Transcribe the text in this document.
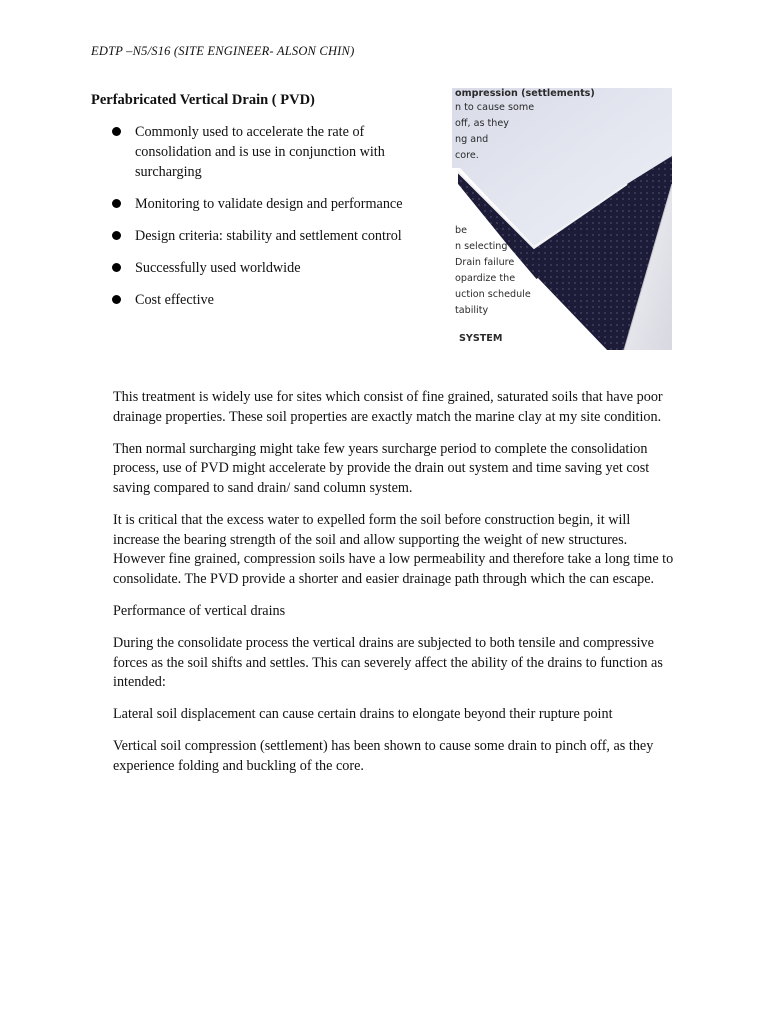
EDTP –N5/S16 (SITE ENGINEER- ALSON CHIN)
Perfabricated Vertical Drain ( PVD)
Commonly used to accelerate the rate of consolidation and is use in conjunction with surcharging
Monitoring to validate design and performance
Design criteria: stability and settlement control
Successfully used worldwide
Cost effective
ompression (settlements)
n to cause some
off, as they
ng and
core.
be
n selecting
Drain failure
opardize the
uction schedule
tability
SYSTEM

This treatment is widely use for sites which consist of fine grained, saturated soils that have poor drainage properties. These soil properties are exactly match the marine clay at my site condition.

Then normal surcharging might take few years surcharge period to complete the consolidation process, use of PVD might accelerate by provide the drain out system and time saving yet cost saving compared to sand drain/ sand column system.

It is critical that the excess water to expelled form the soil before construction begin, it will increase the bearing strength of the soil and allow supporting the weight of new structures. However fine grained, compression soils have a low permeability and therefore take a long time to consolidate. The PVD provide a shorter and easier drainage path through which the can escape.

Performance of vertical drains

During the consolidate process the vertical drains are subjected to both tensile and compressive forces as the soil shifts and settles. This can severely affect the ability of the drains to function as intended:

Lateral soil displacement can cause certain drains to elongate beyond their rupture point

Vertical soil compression (settlement) has been shown to cause some drain to pinch off, as they experience folding and buckling of the core.
